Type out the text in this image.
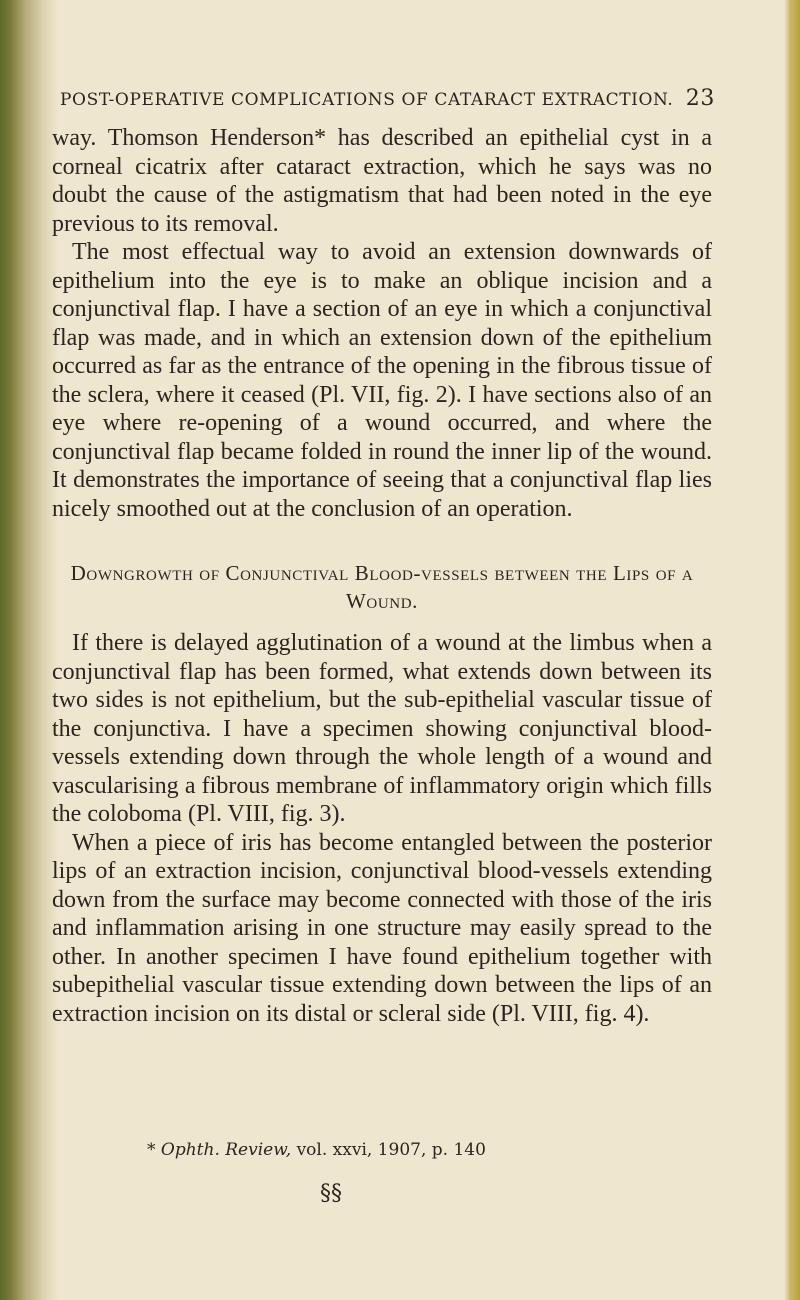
POST-OPERATIVE COMPLICATIONS OF CATARACT EXTRACTION. 23

way. Thomson Henderson* has described an epithelial cyst in a corneal cicatrix after cataract extraction, which he says was no doubt the cause of the astigmatism that had been noted in the eye previous to its removal.

The most effectual way to avoid an extension downwards of epithelium into the eye is to make an oblique incision and a conjunctival flap. I have a section of an eye in which a conjunctival flap was made, and in which an extension down of the epithelium occurred as far as the entrance of the opening in the fibrous tissue of the sclera, where it ceased (Pl. VII, fig. 2). I have sections also of an eye where re-opening of a wound occurred, and where the conjunctival flap became folded in round the inner lip of the wound. It demonstrates the importance of seeing that a conjunctival flap lies nicely smoothed out at the conclusion of an operation.

Downgrowth of Conjunctival Blood-vessels between the Lips of a Wound.

If there is delayed agglutination of a wound at the limbus when a conjunctival flap has been formed, what extends down between its two sides is not epithelium, but the sub-epithelial vascular tissue of the conjunctiva. I have a specimen showing conjunctival blood-vessels extending down through the whole length of a wound and vascularising a fibrous membrane of inflammatory origin which fills the coloboma (Pl. VIII, fig. 3).

When a piece of iris has become entangled between the posterior lips of an extraction incision, conjunctival blood-vessels extending down from the surface may become connected with those of the iris and inflammation arising in one structure may easily spread to the other. In another specimen I have found epithelium together with subepithelial vascular tissue extending down between the lips of an extraction incision on its distal or scleral side (Pl. VIII, fig. 4).

* Ophth. Review, vol. xxvi, 1907, p. 140
§§
